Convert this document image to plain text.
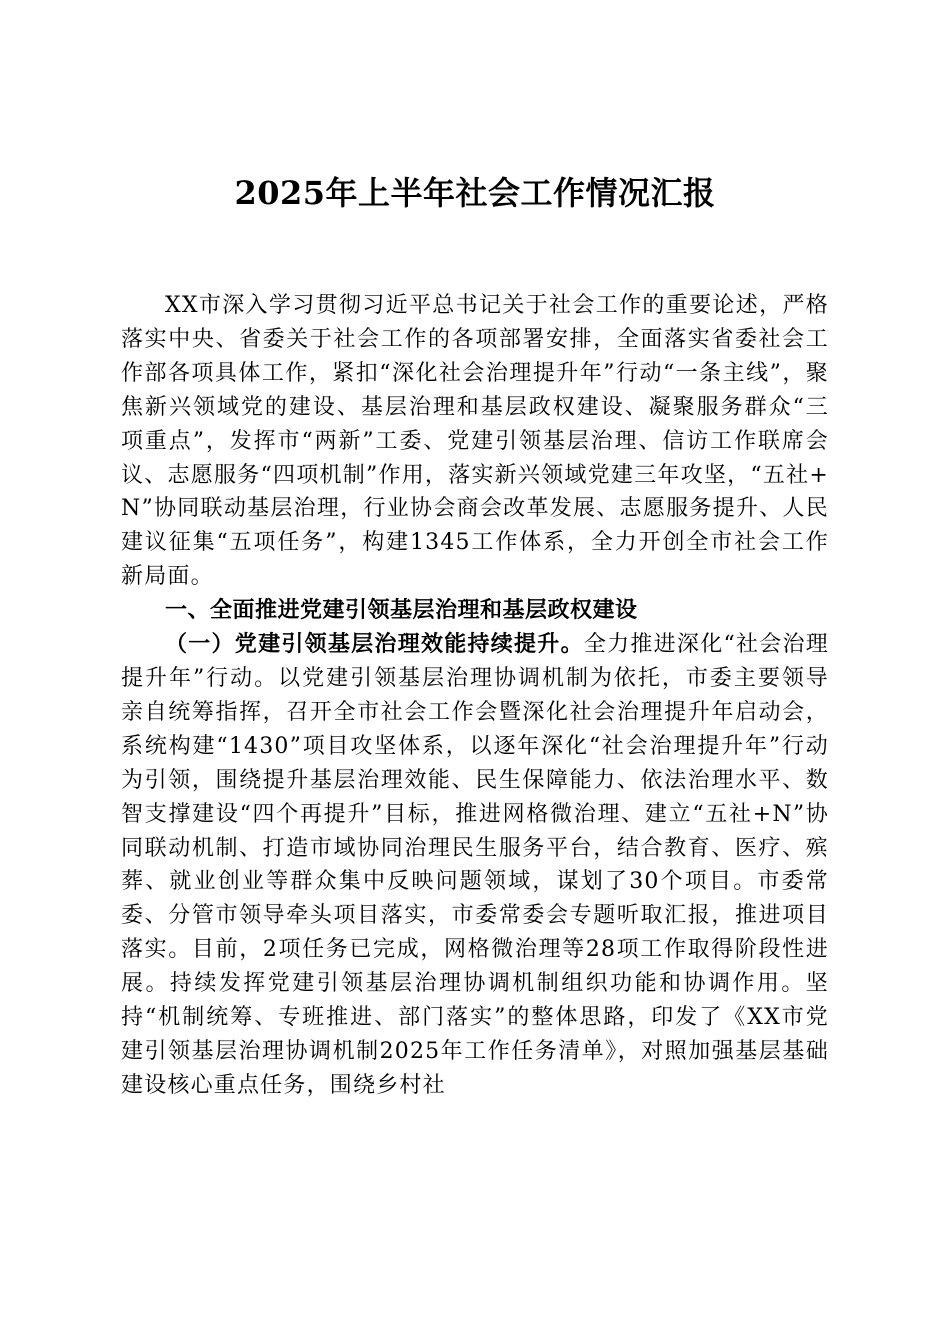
2025年上半年社会工作情况汇报

XX市深入学习贯彻习近平总书记关于社会工作的重要论述，严格落实中央、省委关于社会工作的各项部署安排，全面落实省委社会工作部各项具体工作，紧扣“深化社会治理提升年”行动“一条主线”，聚焦新兴领域党的建设、基层治理和基层政权建设、凝聚服务群众“三项重点”，发挥市“两新”工委、党建引领基层治理、信访工作联席会议、志愿服务“四项机制”作用，落实新兴领域党建三年攻坚，“五社+N”协同联动基层治理，行业协会商会改革发展、志愿服务提升、人民建议征集“五项任务”，构建1345工作体系，全力开创全市社会工作新局面。

一、全面推进党建引领基层治理和基层政权建设

（一）党建引领基层治理效能持续提升。全力推进深化“社会治理提升年”行动。以党建引领基层治理协调机制为依托，市委主要领导亲自统筹指挥，召开全市社会工作会暨深化社会治理提升年启动会，系统构建“1430”项目攻坚体系，以逐年深化“社会治理提升年”行动为引领，围绕提升基层治理效能、民生保障能力、依法治理水平、数智支撑建设“四个再提升”目标，推进网格微治理、建立“五社+N”协同联动机制、打造市域协同治理民生服务平台，结合教育、医疗、殡葬、就业创业等群众集中反映问题领域，谋划了30个项目。市委常委、分管市领导牵头项目落实，市委常委会专题听取汇报，推进项目落实。目前，2项任务已完成，网格微治理等28项工作取得阶段性进展。持续发挥党建引领基层治理协调机制组织功能和协调作用。坚持“机制统筹、专班推进、部门落实”的整体思路，印发了《XX市党建引领基层治理协调机制2025年工作任务清单》，对照加强基层基础建设核心重点任务，围绕乡村社
